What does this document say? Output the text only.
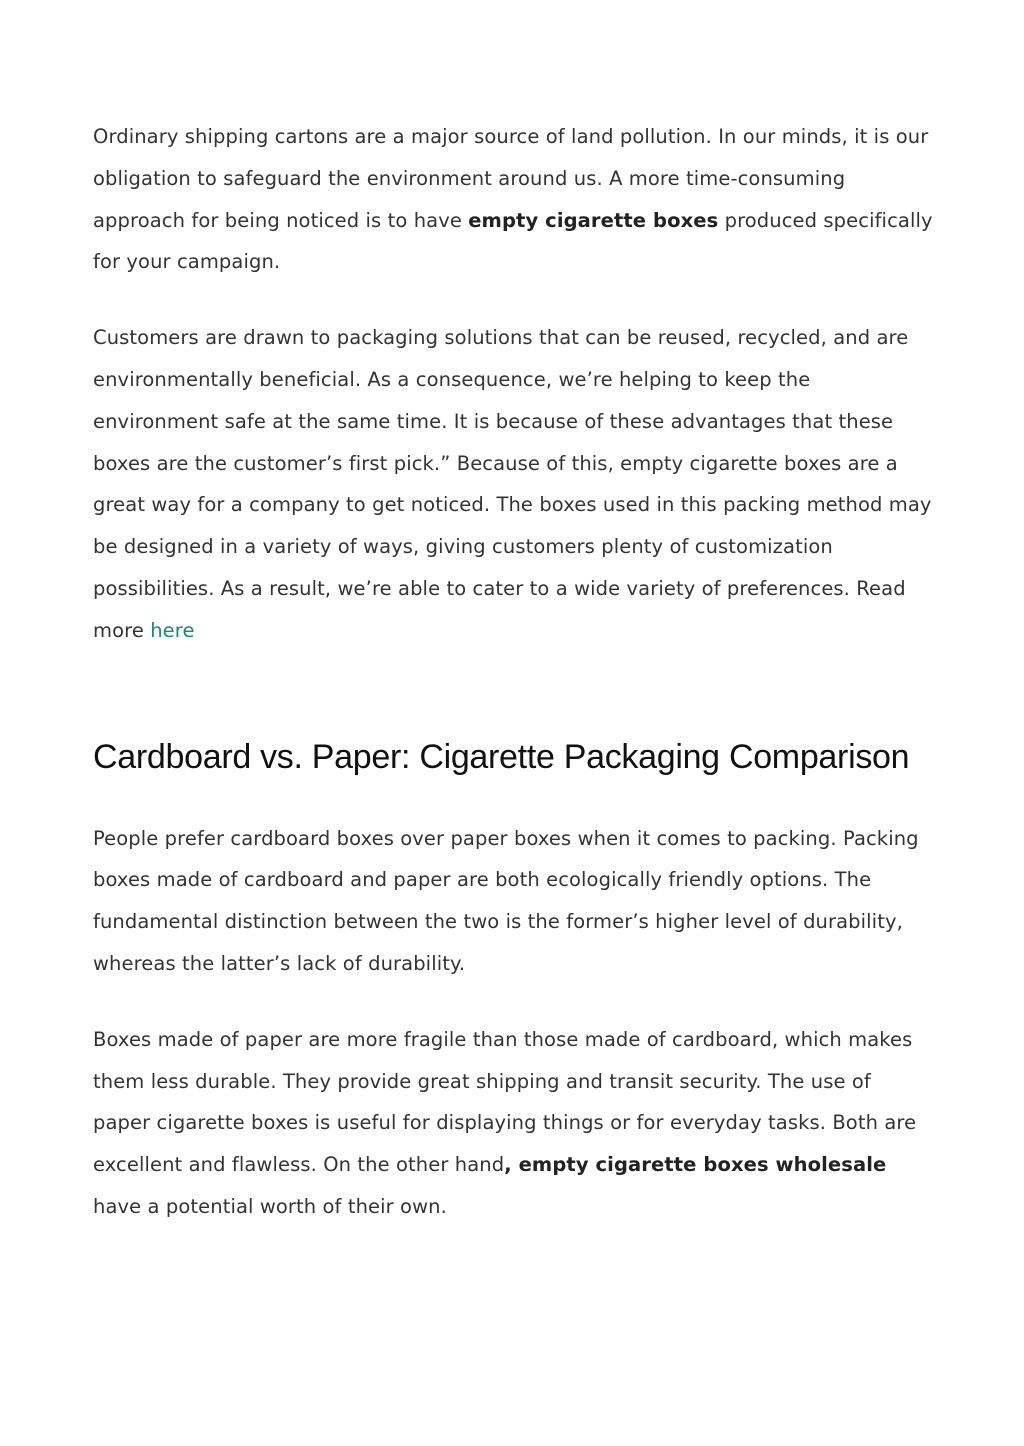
Ordinary shipping cartons are a major source of land pollution. In our minds, it is our obligation to safeguard the environment around us. A more time-consuming approach for being noticed is to have empty cigarette boxes produced specifically for your campaign.

Customers are drawn to packaging solutions that can be reused, recycled, and are environmentally beneficial. As a consequence, we’re helping to keep the environment safe at the same time. It is because of these advantages that these boxes are the customer’s first pick.” Because of this, empty cigarette boxes are a great way for a company to get noticed. The boxes used in this packing method may be designed in a variety of ways, giving customers plenty of customization possibilities. As a result, we’re able to cater to a wide variety of preferences. Read more here

Cardboard vs. Paper: Cigarette Packaging Comparison

People prefer cardboard boxes over paper boxes when it comes to packing. Packing boxes made of cardboard and paper are both ecologically friendly options. The fundamental distinction between the two is the former’s higher level of durability, whereas the latter’s lack of durability.

Boxes made of paper are more fragile than those made of cardboard, which makes them less durable. They provide great shipping and transit security. The use of paper cigarette boxes is useful for displaying things or for everyday tasks. Both are excellent and flawless. On the other hand, empty cigarette boxes wholesale have a potential worth of their own.
